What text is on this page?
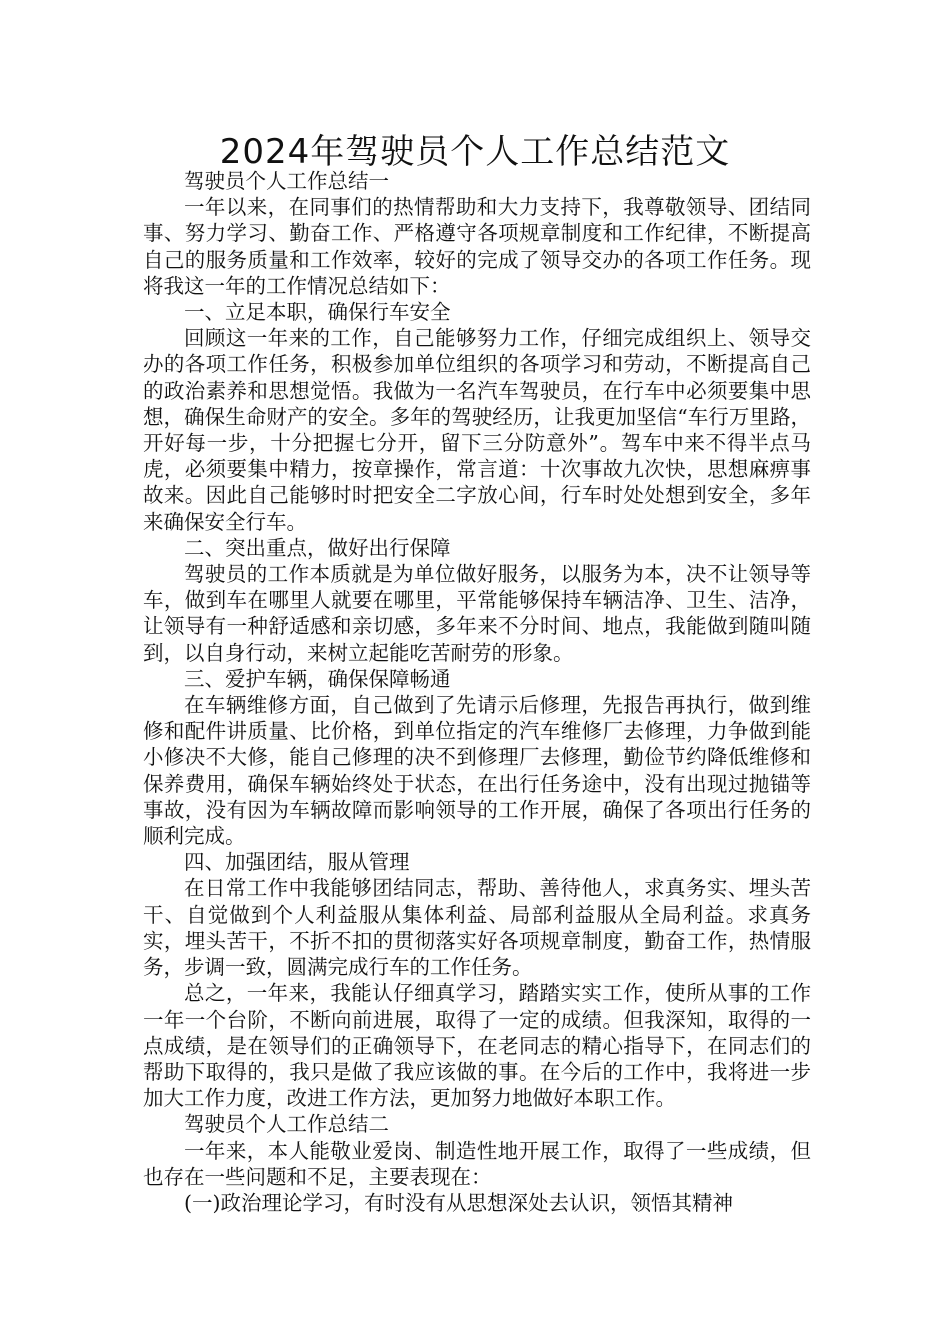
2024年驾驶员个人工作总结范文

驾驶员个人工作总结一

一年以来，在同事们的热情帮助和大力支持下，我尊敬领导、团结同事、努力学习、勤奋工作、严格遵守各项规章制度和工作纪律，不断提高自己的服务质量和工作效率，较好的完成了领导交办的各项工作任务。现将我这一年的工作情况总结如下：

一、立足本职，确保行车安全

回顾这一年来的工作，自己能够努力工作，仔细完成组织上、领导交办的各项工作任务，积极参加单位组织的各项学习和劳动，不断提高自己的政治素养和思想觉悟。我做为一名汽车驾驶员，在行车中必须要集中思想，确保生命财产的安全。多年的驾驶经历，让我更加坚信“车行万里路，开好每一步，十分把握七分开，留下三分防意外”。驾车中来不得半点马虎，必须要集中精力，按章操作，常言道：十次事故九次快，思想麻痹事故来。因此自己能够时时把安全二字放心间，行车时处处想到安全，多年来确保安全行车。

二、突出重点，做好出行保障

驾驶员的工作本质就是为单位做好服务，以服务为本，决不让领导等车，做到车在哪里人就要在哪里，平常能够保持车辆洁净、卫生、洁净，让领导有一种舒适感和亲切感，多年来不分时间、地点，我能做到随叫随到，以自身行动，来树立起能吃苦耐劳的形象。

三、爱护车辆，确保保障畅通

在车辆维修方面，自己做到了先请示后修理，先报告再执行，做到维修和配件讲质量、比价格，到单位指定的汽车维修厂去修理，力争做到能小修决不大修，能自己修理的决不到修理厂去修理，勤俭节约降低维修和保养费用，确保车辆始终处于状态，在出行任务途中，没有出现过抛锚等事故，没有因为车辆故障而影响领导的工作开展，确保了各项出行任务的顺利完成。

四、加强团结，服从管理

在日常工作中我能够团结同志，帮助、善待他人，求真务实、埋头苦干、自觉做到个人利益服从集体利益、局部利益服从全局利益。求真务实，埋头苦干，不折不扣的贯彻落实好各项规章制度，勤奋工作，热情服务，步调一致，圆满完成行车的工作任务。

总之，一年来，我能认仔细真学习，踏踏实实工作，使所从事的工作一年一个台阶，不断向前进展，取得了一定的成绩。但我深知，取得的一点成绩，是在领导们的正确领导下，在老同志的精心指导下，在同志们的帮助下取得的，我只是做了我应该做的事。在今后的工作中，我将进一步加大工作力度，改进工作方法，更加努力地做好本职工作。

驾驶员个人工作总结二

一年来，本人能敬业爱岗、制造性地开展工作，取得了一些成绩，但也存在一些问题和不足，主要表现在：

(一)政治理论学习，有时没有从思想深处去认识，领悟其精神
